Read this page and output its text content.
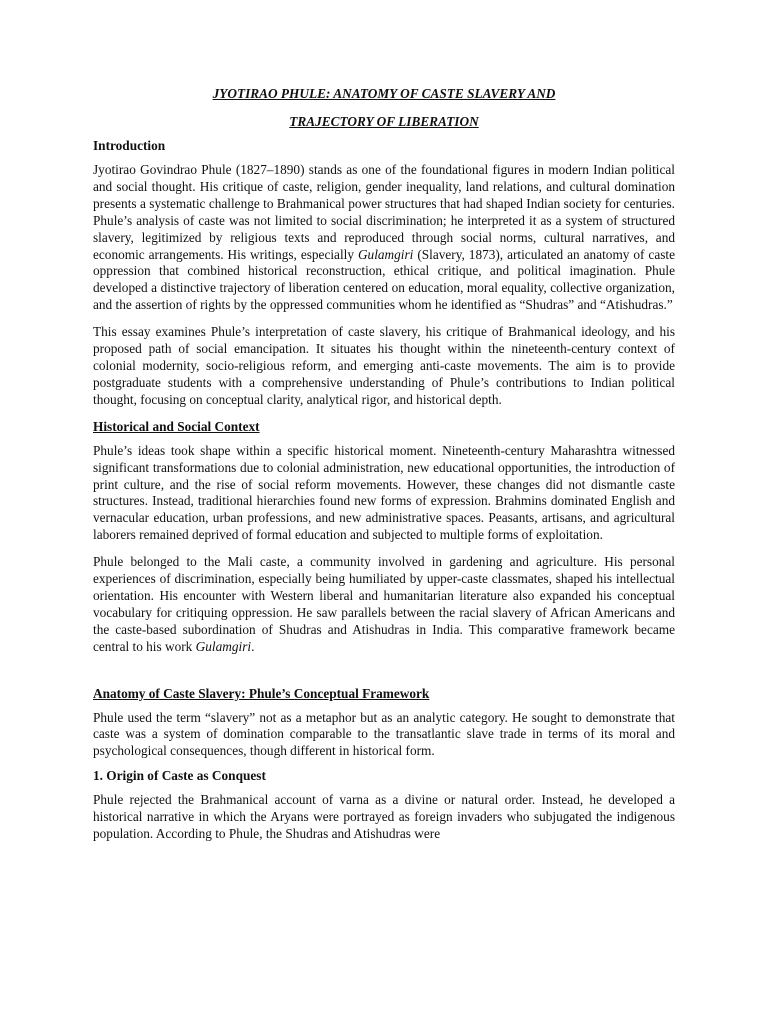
JYOTIRAO PHULE: ANATOMY OF CASTE SLAVERY AND
TRAJECTORY OF LIBERATION
Introduction

Jyotirao Govindrao Phule (1827–1890) stands as one of the foundational figures in modern Indian political and social thought. His critique of caste, religion, gender inequality, land relations, and cultural domination presents a systematic challenge to Brahmanical power structures that had shaped Indian society for centuries. Phule’s analysis of caste was not limited to social discrimination; he interpreted it as a system of structured slavery, legitimized by religious texts and reproduced through social norms, cultural narratives, and economic arrangements. His writings, especially Gulamgiri (Slavery, 1873), articulated an anatomy of caste oppression that combined historical reconstruction, ethical critique, and political imagination. Phule developed a distinctive trajectory of liberation centered on education, moral equality, collective organization, and the assertion of rights by the oppressed communities whom he identified as “Shudras” and “Atishudras.”

This essay examines Phule’s interpretation of caste slavery, his critique of Brahmanical ideology, and his proposed path of social emancipation. It situates his thought within the nineteenth-century context of colonial modernity, socio-religious reform, and emerging anti-caste movements. The aim is to provide postgraduate students with a comprehensive understanding of Phule’s contributions to Indian political thought, focusing on conceptual clarity, analytical rigor, and historical depth.

Historical and Social Context

Phule’s ideas took shape within a specific historical moment. Nineteenth-century Maharashtra witnessed significant transformations due to colonial administration, new educational opportunities, the introduction of print culture, and the rise of social reform movements. However, these changes did not dismantle caste structures. Instead, traditional hierarchies found new forms of expression. Brahmins dominated English and vernacular education, urban professions, and new administrative spaces. Peasants, artisans, and agricultural laborers remained deprived of formal education and subjected to multiple forms of exploitation.

Phule belonged to the Mali caste, a community involved in gardening and agriculture. His personal experiences of discrimination, especially being humiliated by upper-caste classmates, shaped his intellectual orientation. His encounter with Western liberal and humanitarian literature also expanded his conceptual vocabulary for critiquing oppression. He saw parallels between the racial slavery of African Americans and the caste-based subordination of Shudras and Atishudras in India. This comparative framework became central to his work Gulamgiri.

Anatomy of Caste Slavery: Phule’s Conceptual Framework

Phule used the term “slavery” not as a metaphor but as an analytic category. He sought to demonstrate that caste was a system of domination comparable to the transatlantic slave trade in terms of its moral and psychological consequences, though different in historical form.

1. Origin of Caste as Conquest

Phule rejected the Brahmanical account of varna as a divine or natural order. Instead, he developed a historical narrative in which the Aryans were portrayed as foreign invaders who subjugated the indigenous population. According to Phule, the Shudras and Atishudras were
